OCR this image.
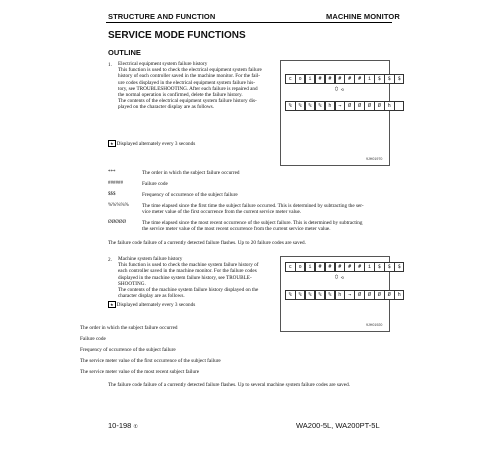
STRUCTURE AND FUNCTION	MACHINE MONITOR
SERVICE MODE FUNCTIONS
OUTLINE
1. Electrical equipment system failure history
This function is used to check the electrical equipment system failure
history of each controller saved in the machine monitor. For the fail-
ure codes displayed in the electrical equipment system failure his-
tory, see TROUBLESHOOTING. After each failure is repaired and
the normal operation is confirmed, delete the failure history.
The contents of the electrical equipment system failure history dis-
played on the character display are as follows.
★ Displayed alternately every 3 seconds
c	o	i	#	#	#	#	#	i	$	$	$
⇳ ⟲
%	%	%	%	h	→	Ø	Ø	Ø	Ø	h
9JH01970
***	The order in which the subject failure occurred
######	Failure code
$$$	Frequency of occurrence of the subject failure
%%%%%	The time elapsed since the first time the subject failure occurred. This is determined by subtracting the ser-
vice meter value of the first occurrence from the current service meter value.
ØØØØØ	The time elapsed since the most recent occurrence of the subject failure. This is determined by subtracting
the service meter value of the most recent occurrence from the current service meter value.
The failure code failure of a currently detected failure flashes. Up to 20 failure codes are saved.
2. Machine system failure history
This function is used to check the machine system failure history of
each controller saved in the machine monitor. For the failure codes
displayed in the machine system failure history, see TROUBLE-
SHOOTING.
The contents of the machine system failure history displayed on the
character display are as follows.
★ Displayed alternately every 3 seconds
c	o	i	#	#	#	#	#	i	$	$	$
⇳ ⟲
%	%	%	%	%	h	→	Ø	Ø	Ø	Ø	h
9JH01920
The order in which the subject failure occurred
Failure code
Frequency of occurrence of the subject failure
The service meter value of the first occurrence of the subject failure
The service meter value of the most recent subject failure
The failure code failure of a currently detected failure flashes. Up to several machine system failure codes are saved.
10-198 ①	WA200-5L, WA200PT-5L
